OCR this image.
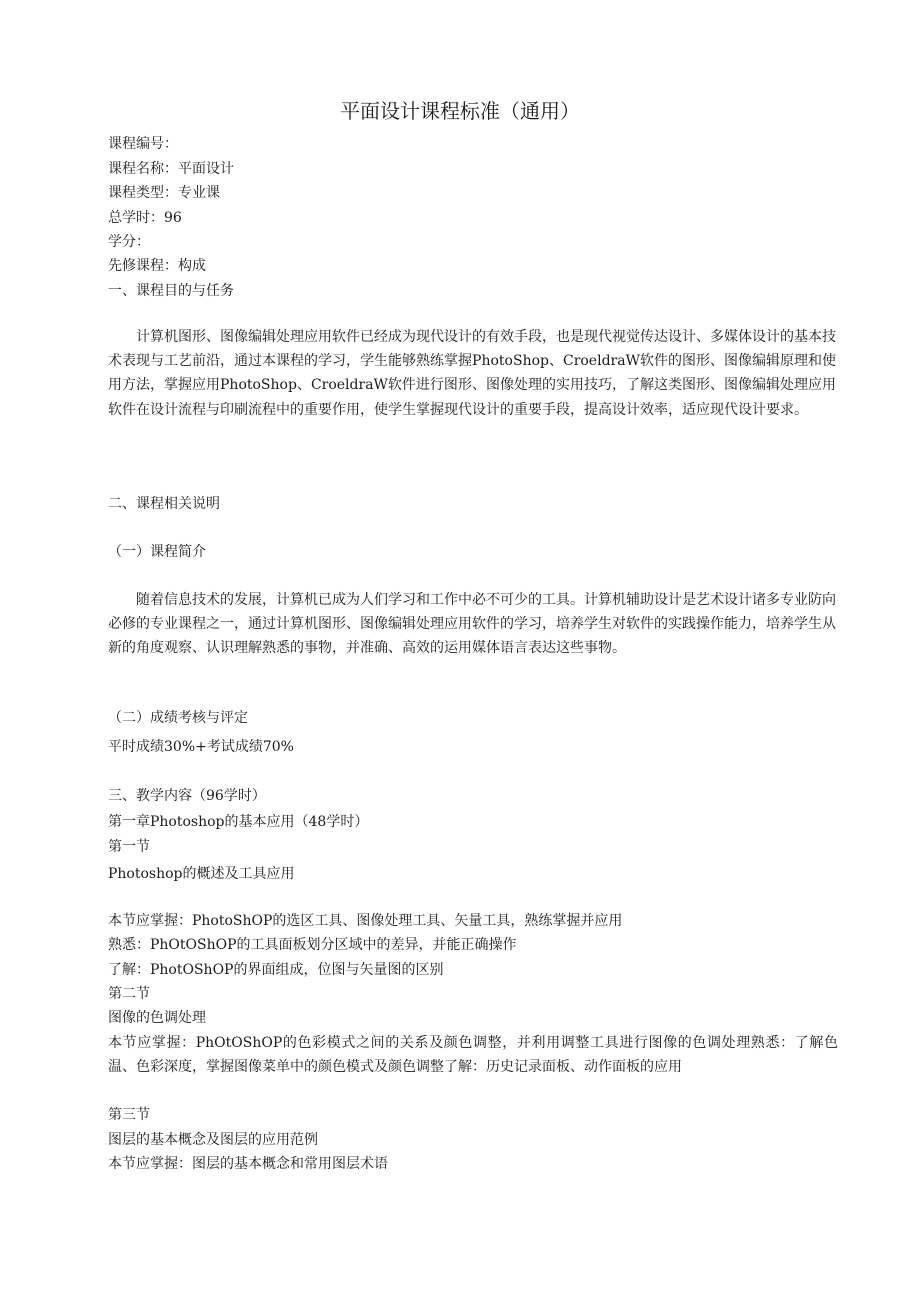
平面设计课程标准（通用）
课程编号：
课程名称：平面设计
课程类型：专业课
总学时：96
学分：
先修课程：构成
一、课程目的与任务

计算机图形、图像编辑处理应用软件已经成为现代设计的有效手段，也是现代视觉传达设计、多媒体设计的基本技术表现与工艺前沿，通过本课程的学习，学生能够熟练掌握PhotoShop、CroeldraW软件的图形、图像编辑原理和使用方法，掌握应用PhotoShop、CroeldraW软件进行图形、图像处理的实用技巧，了解这类图形、图像编辑处理应用软件在设计流程与印刷流程中的重要作用，使学生掌握现代设计的重要手段，提高设计效率，适应现代设计要求。

二、课程相关说明
（一）课程简介

随着信息技术的发展，计算机已成为人们学习和工作中必不可少的工具。计算机辅助设计是艺术设计诸多专业防向必修的专业课程之一，通过计算机图形、图像编辑处理应用软件的学习，培养学生对软件的实践操作能力，培养学生从新的角度观察、认识理解熟悉的事物，并准确、高效的运用媒体语言表达这些事物。

（二）成绩考核与评定
平时成绩30%+考试成绩70%
三、教学内容（96学时）
第一章Photoshop的基本应用（48学时）
第一节
Photoshop的概述及工具应用
本节应掌握：PhotoShOP的选区工具、图像处理工具、矢量工具，熟练掌握并应用
熟悉：PhOtOShOP的工具面板划分区域中的差异，并能正确操作
了解：PhotOShOP的界面组成，位图与矢量图的区别
第二节
图像的色调处理

本节应掌握：PhOtOShOP的色彩模式之间的关系及颜色调整，并利用调整工具进行图像的色调处理熟悉：了解色温、色彩深度，掌握图像菜单中的颜色模式及颜色调整了解：历史记录面板、动作面板的应用

第三节
图层的基本概念及图层的应用范例
本节应掌握：图层的基本概念和常用图层术语
